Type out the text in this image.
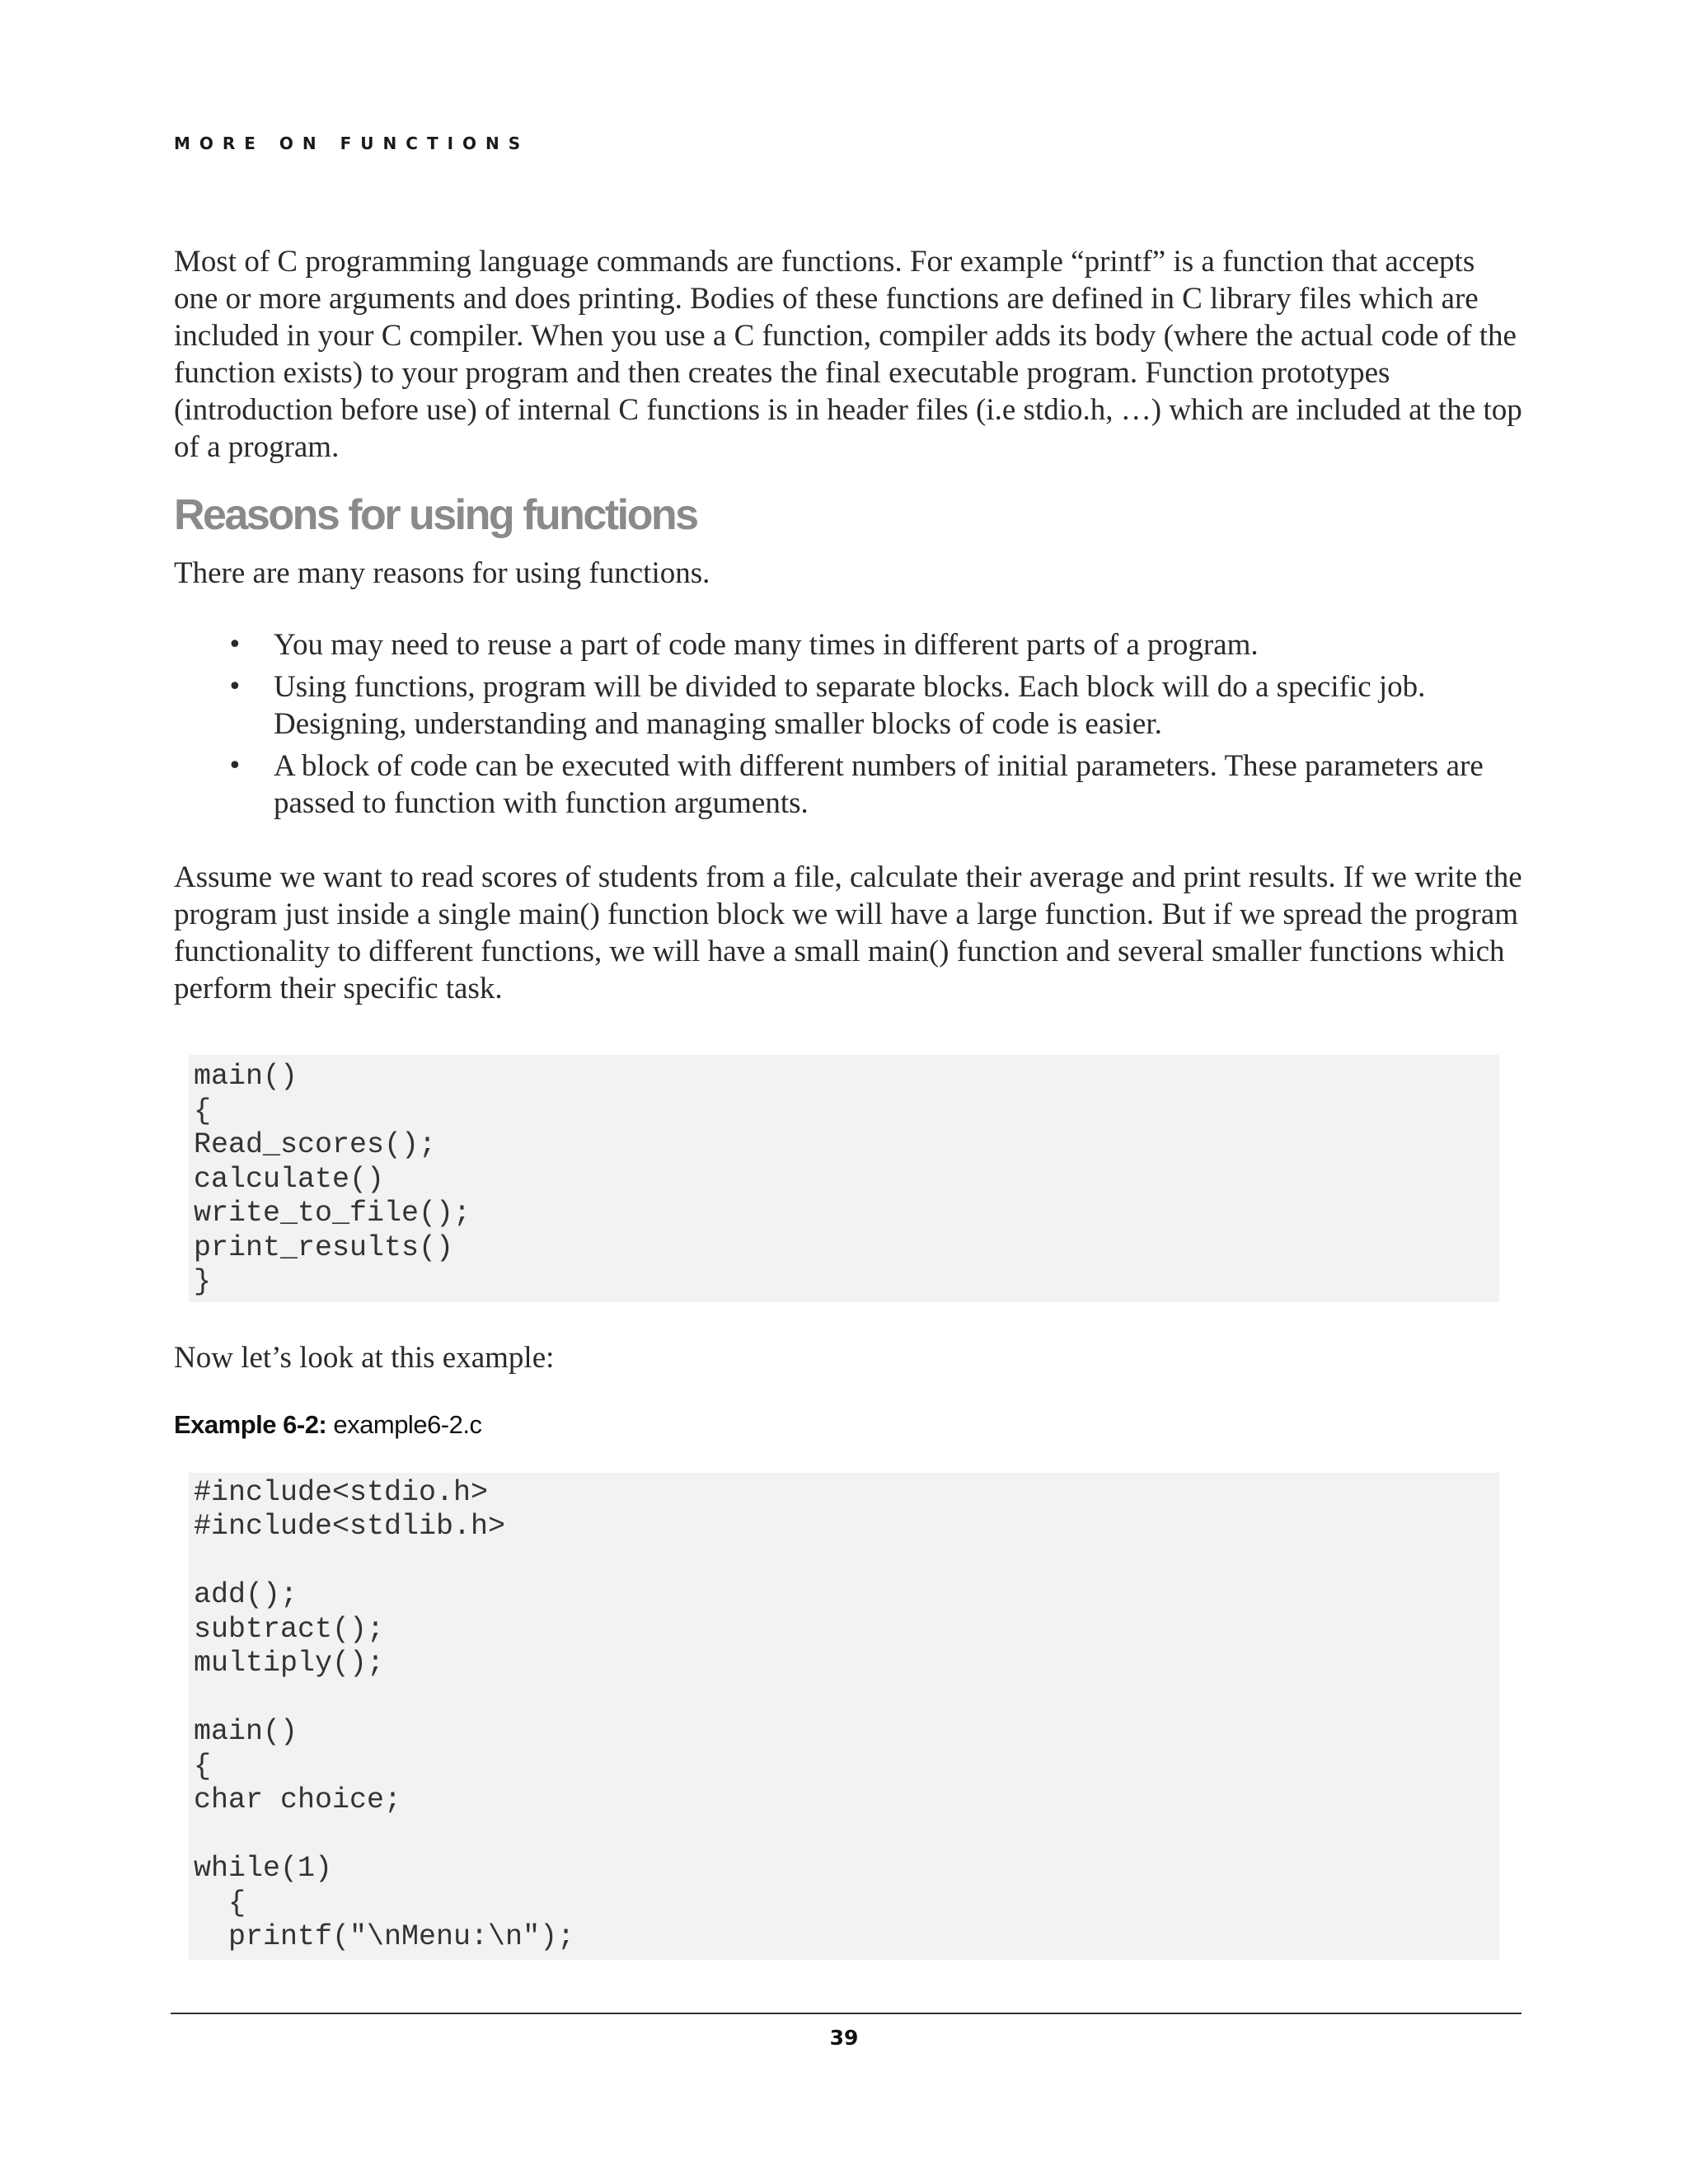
MORE ON FUNCTIONS

Most of C programming language commands are functions. For example “printf” is a function that accepts one or more arguments and does printing. Bodies of these functions are defined in C library files which are included in your C compiler. When you use a C function, compiler adds its body (where the actual code of the function exists) to your program and then creates the final executable program. Function prototypes (introduction before use) of internal C functions is in header files (i.e stdio.h, …) which are included at the top of a program.

Reasons for using functions

There are many reasons for using functions.

• You may need to reuse a part of code many times in different parts of a program.
• Using functions, program will be divided to separate blocks. Each block will do a specific job. Designing, understanding and managing smaller blocks of code is easier.
• A block of code can be executed with different numbers of initial parameters. These parameters are passed to function with function arguments.

Assume we want to read scores of students from a file, calculate their average and print results. If we write the program just inside a single main() function block we will have a large function. But if we spread the program functionality to different functions, we will have a small main() function and several smaller functions which perform their specific task.

main()
{
Read_scores();
calculate()
write_to_file();
print_results()
}

Now let’s look at this example:

Example 6-2: example6-2.c
#include<stdio.h>
#include<stdlib.h>
add();
subtract();
multiply();
main()
{
char choice;
while(1)
{
printf("\nMenu:\n");
39
